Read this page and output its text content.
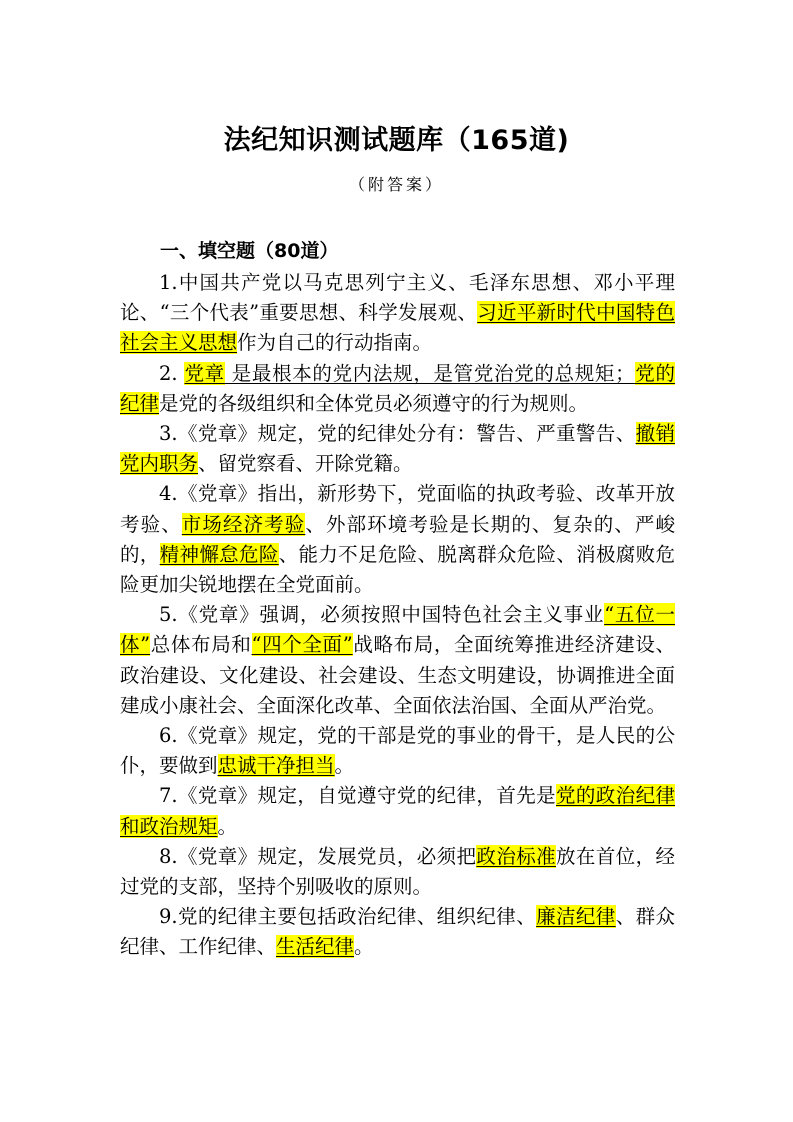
法纪知识测试题库（165道)
（附答案）
一、填空题（80道）

1.中国共产党以马克思列宁主义、毛泽东思想、邓小平理论、“三个代表”重要思想、科学发展观、习近平新时代中国特色社会主义思想作为自己的行动指南。

2. 党章 是最根本的党内法规，是管党治党的总规矩；党的纪律是党的各级组织和全体党员必须遵守的行为规则。

3.《党章》规定，党的纪律处分有：警告、严重警告、撤销党内职务、留党察看、开除党籍。

4.《党章》指出，新形势下，党面临的执政考验、改革开放考验、市场经济考验、外部环境考验是长期的、复杂的、严峻的，精神懈怠危险、能力不足危险、脱离群众危险、消极腐败危险更加尖锐地摆在全党面前。

5.《党章》强调，必须按照中国特色社会主义事业“五位一体”总体布局和“四个全面”战略布局，全面统筹推进经济建设、政治建设、文化建设、社会建设、生态文明建设，协调推进全面建成小康社会、全面深化改革、全面依法治国、全面从严治党。

6.《党章》规定，党的干部是党的事业的骨干，是人民的公仆，要做到忠诚干净担当。

7.《党章》规定，自觉遵守党的纪律，首先是党的政治纪律和政治规矩。

8.《党章》规定，发展党员，必须把政治标准放在首位，经过党的支部，坚持个别吸收的原则。

9.党的纪律主要包括政治纪律、组织纪律、廉洁纪律、群众纪律、工作纪律、生活纪律。
